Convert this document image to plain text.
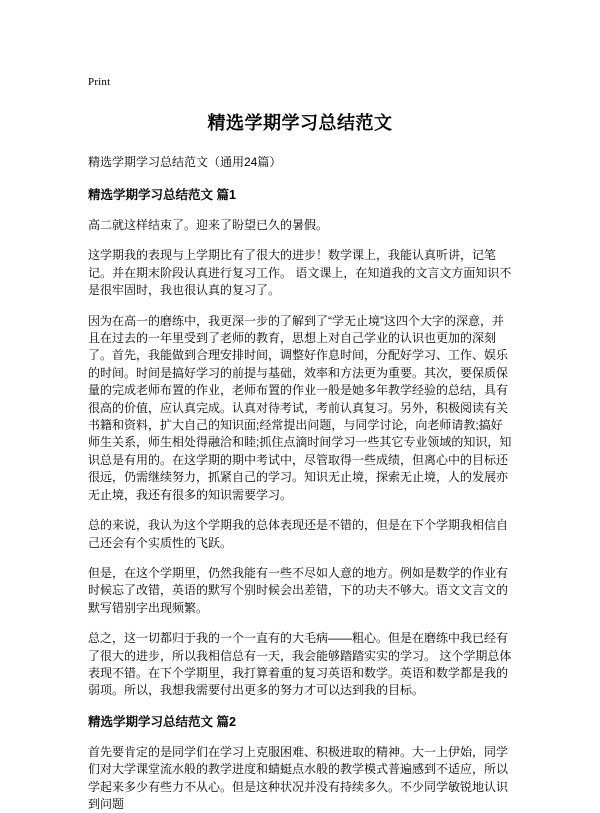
Print
精选学期学习总结范文

精选学期学习总结范文（通用24篇）

精选学期学习总结范文 篇1

高二就这样结束了。迎来了盼望已久的暑假。

这学期我的表现与上学期比有了很大的进步！数学课上，我能认真听讲，记笔记。并在期末阶段认真进行复习工作。 语文课上，在知道我的文言文方面知识不是很牢固时，我也很认真的复习了。

因为在高一的磨练中，我更深一步的了解到了“学无止境”这四个大字的深意，并且在过去的一年里受到了老师的教育，思想上对自己学业的认识也更加的深刻了。首先，我能做到合理安排时间，调整好作息时间，分配好学习、工作、娱乐的时间。时间是搞好学习的前提与基础，效率和方法更为重要。其次，要保质保量的完成老师布置的作业，老师布置的作业一般是她多年教学经验的总结，具有很高的价值，应认真完成。认真对待考试，考前认真复习。另外，积极阅读有关书籍和资料，扩大自己的知识面;经常提出问题，与同学讨论，向老师请教;搞好师生关系，师生相处得融洽和睦;抓住点滴时间学习一些其它专业领域的知识，知识总是有用的。在这学期的期中考试中，尽管取得一些成绩，但离心中的目标还很远，仍需继续努力，抓紧自己的学习。知识无止境，探索无止境，人的发展亦无止境，我还有很多的知识需要学习。

总的来说，我认为这个学期我的总体表现还是不错的，但是在下个学期我相信自己还会有个实质性的飞跃。

但是，在这个学期里，仍然我能有一些不尽如人意的地方。例如是数学的作业有时候忘了改错，英语的默写个别时候会出差错，下的功夫不够大。语文文言文的默写错别字出现频繁。

总之，这一切都归于我的一个一直有的大毛病——粗心。但是在磨练中我已经有了很大的进步，所以我相信总有一天，我会能够踏踏实实的学习。 这个学期总体表现不错。在下个学期里，我打算着重的复习英语和数学。英语和数学都是我的弱项。所以，我想我需要付出更多的努力才可以达到我的目标。

精选学期学习总结范文 篇2

首先要肯定的是同学们在学习上克服困难、积极进取的精神。大一上伊始，同学们对大学课堂流水般的教学进度和蜻蜓点水般的教学模式普遍感到不适应，所以学起来多少有些力不从心。但是这种状况并没有持续多久。不少同学敏锐地认识到问题
